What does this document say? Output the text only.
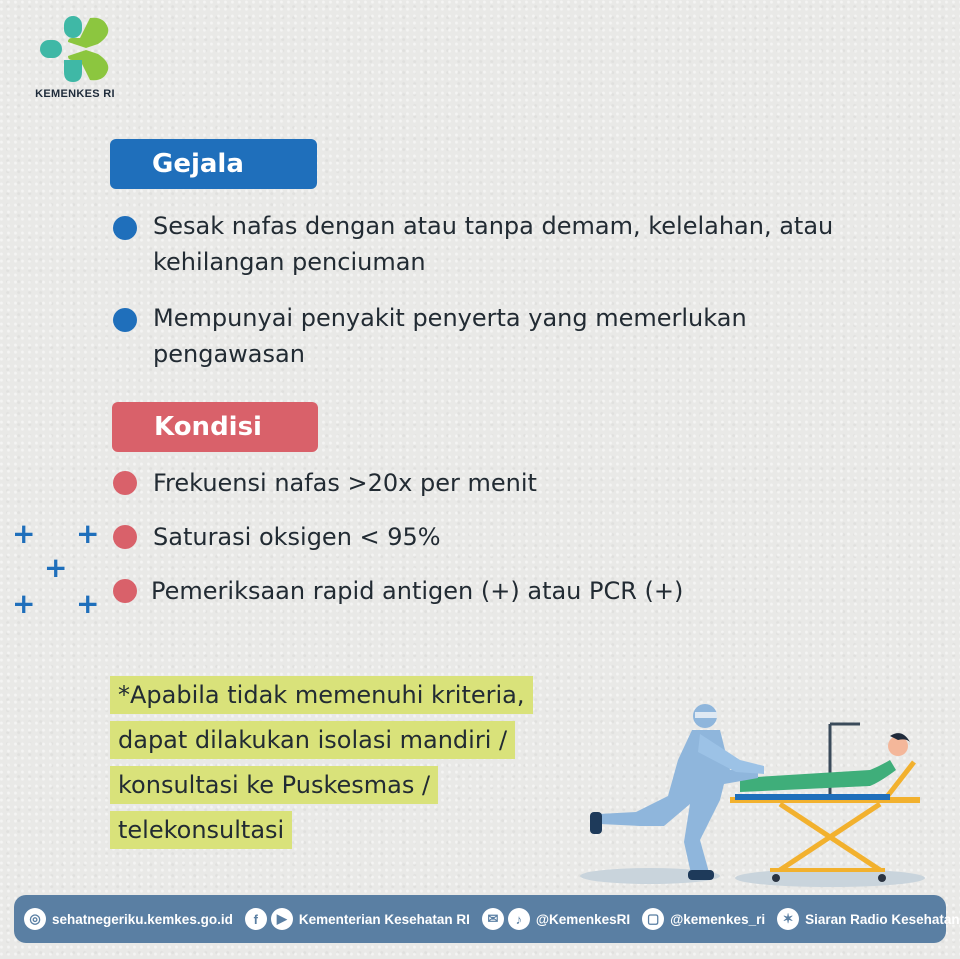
KEMENKES RI
Gejala
Sesak nafas dengan atau tanpa demam, kelelahan, atau
kehilangan penciuman
Mempunyai penyakit penyerta yang memerlukan
pengawasan
Kondisi
Frekuensi nafas >20x per menit
Saturasi oksigen < 95%
Pemeriksaan rapid antigen (+) atau PCR (+)
+ +
+
+ +
*Apabila tidak memenuhi kriteria,
dapat dilakukan isolasi mandiri /
konsultasi ke Puskesmas /
telekonsultasi
◎ sehatnegeriku.kemkes.go.id	f	▶ Kementerian Kesehatan RI	✉	♪	@KemenkesRI	▢ @kemenkes_ri	✶ Siaran Radio Kesehatan
